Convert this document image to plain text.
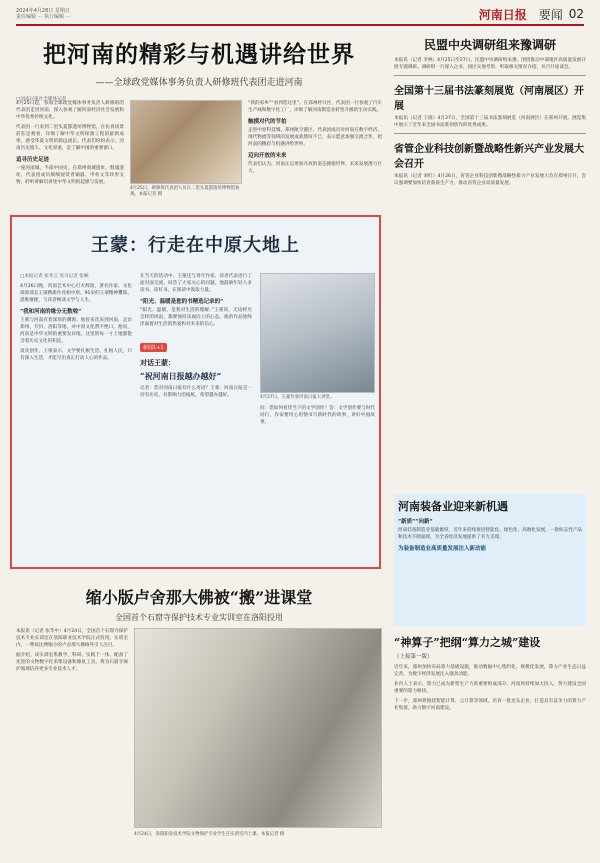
2024年4月28日 星期日
责任编辑 ··· 执行编辑 ···	河南日报 要闻 02
把河南的精彩与机遇讲给世界
——全球政党媒体事务负责人研修班代表团走进河南
□河南日报社全媒体记者
4月25日起，参加全球政党媒体事务负责人研修班的代表团走进河南，深入参观了解河南经济社会发展和中华优秀传统文化。
代表团一行来到二里头夏都遗址博物馆，在仿真场景前驻足观看，详细了解中华文明探源工程的最新成果，感受华夏文明的源远流长。代表们纷纷表示，河南历史悠久、文化厚重，是了解中国的重要窗口。
追寻历史足迹
一座河南城，半部中国史。在郑州商城遗址、殷墟遗址，代表团成员细细观赏青铜器、甲骨文等珍贵文物，聆听讲解员讲述中华文明的起源与发展。
4月25日，研修班代表团人员在二里头夏都遗址博物馆参观。本报记者 摄
“我的家乡”“看到您这里”。在郑州经开区，代表团一行参观了汽车生产线和数字化工厂，详细了解河南制造业转型升级的生动实践。
触摸对代的节拍
走进中原科技城、郑州航空港区，代表团成员对河南在数字经济、现代物流等领域的发展成就赞叹不已，表示愿意加强交流合作，把河南的精彩与机遇讲给世界。
迈向开放的未来
代表们认为，河南正以更加开放的姿态拥抱世界，未来发展潜力巨大。
王蒙：行走在中原大地上
□本报记者 张冬云 见习记者 张娴
4月26日晚，河南艺术中心灯火辉煌，著名作家、文化部原部长王蒙携新作亮相中原。91岁的王蒙精神矍铄、思维敏捷，与读者畅谈文学与人生。
“我和河南的缘分无数啦”
王蒙与河南有着深厚的渊源。他曾多次来到河南，走访郑州、开封、洛阳等地，对中原文化赞不绝口。他说，河南是中华文明的重要发祥地，这里的每一寸土地都饱含着历史文化的积淀。
谈及创作，王蒙表示，文学要扎根生活、扎根人民，只有深入生活，才能写出真正打动人心的作品。
在当天的活动中，王蒙还与青年作家、读者代表进行了面对面交流，回答了大家关心的问题。他鼓励年轻人多读书、读好书，在阅读中汲取力量。
“阳光、温暖是您的书精选记录的”
“阳光、温暖，是我对生活的理解。”王蒙说，无论经历怎样的风雨，都要保持乐观向上的心态。他的作品始终洋溢着对生活的热爱和对未来的信心。
新闻1+1
对话王蒙：
“祝河南日报越办越好”
记者：您对河南日报有什么寄语？王蒙：河南日报是一份有历史、有影响力的报纸，希望越办越好。	4月27日，王蒙作客河南日报大讲堂。
问：您如何看待当下的文学创作？答：文学创作要与时代同行，作家要用心用情书写新时代的故事，讲好中国故事。
民盟中央调研组来豫调研
本报讯（记者 李林）4月25日至27日，民盟中央调研组来豫，围绕推动中部地区高质量发展开展专题调研。调研组一行深入企业、园区实地考察，听取相关情况介绍，并召开座谈会。
全国第十三届书法篆刻展览（河南展区）开展
本报讯（记者 王晓）4月27日，全国第十三届书法篆刻展览（河南展区）在郑州开展。展览集中展示了近年来全国书法篆刻创作的优秀成果。
省管企业科技创新暨战略性新兴产业发展大会召开
本报讯（记者 刘红）4月26日，省管企业科技创新暨战略性新兴产业发展大会在郑州召开，会议强调要加快培育新质生产力，推动省管企业高质量发展。
河南装备业迎来新机遇
“新质”“向新”
河南装备制造业基础雄厚，近年来持续推进智能化、绿色化、高端化发展，一批标志性产品和技术不断涌现，为全省经济发展提供了有力支撑。
为装备制造业高质量发展注入新动能
缩小版卢舍那大佛被“搬”进课堂
全国首个石窟寺保护技术专业实训室在洛阳投用
本报讯（记者 张华中）4月24日，全国首个石窟寺保护技术专业实训室在洛阳职业技术学院正式投用。实训室内，一尊按比例缩小的卢舍那大佛格外引人注目。
据介绍，该实训室集教学、科研、实践于一体，配备了先进的文物数字化采集设备和修复工具，将为石窟寺保护领域培养更多专业技术人才。
4月24日，洛阳职业技术学院文物保护专业学生在实训室内上课。本报记者 摄
“神算子”把纲“算力之城”建设
（上接第一版）
近年来，郑州加快布局算力基础设施，推动数据中心集约化、规模化发展，算力产业生态日益完善，为数字经济发展注入强劲动能。
业内人士表示，算力已成为新型生产力的重要组成部分，河南将持续加大投入，努力建设全国重要的算力枢纽。
下一步，郑州将围绕智能计算、云计算等领域，培育一批龙头企业，打造具有竞争力的算力产业集群，助力数字河南建设。
